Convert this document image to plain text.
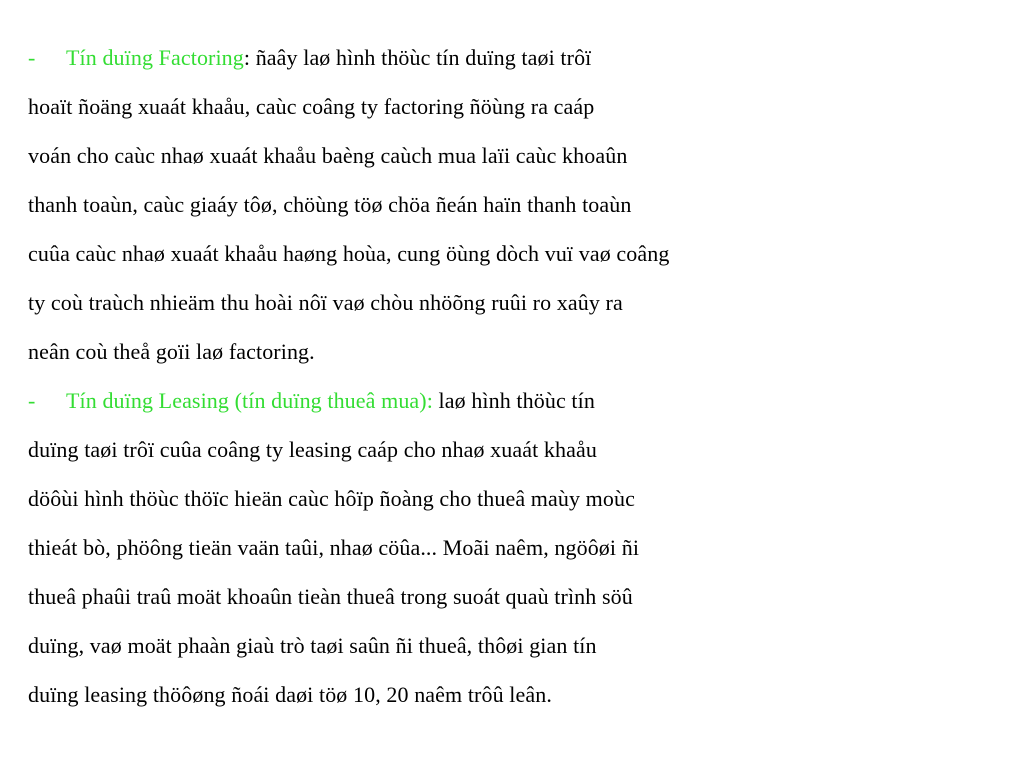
- Tín duïng Factoring: ñaây laø hình thöùc tín duïng taøi trôï
hoaït ñoäng xuaát khaåu, caùc coâng ty factoring ñöùng ra caáp
voán cho caùc nhaø xuaát khaåu baèng caùch mua laïi caùc khoaûn
thanh toaùn, caùc giaáy tôø, chöùng töø chöa ñeán haïn thanh toaùn
cuûa caùc nhaø xuaát khaåu haøng hoùa, cung öùng dòch vuï vaø coâng
ty coù traùch nhieäm thu hoài nôï vaø chòu nhöõng ruûi ro xaûy ra
neân coù theå goïi laø factoring.
- Tín duïng Leasing (tín duïng thueâ mua): laø hình thöùc tín
duïng taøi trôï cuûa coâng ty leasing caáp cho nhaø xuaát khaåu
döôùi hình thöùc thöïc hieän caùc hôïp ñoàng cho thueâ maùy moùc
thieát bò, phöông tieän vaän taûi, nhaø cöûa... Moãi naêm, ngöôøi ñi
thueâ phaûi traû moät khoaûn tieàn thueâ trong suoát quaù trình söû
duïng, vaø moät phaàn giaù trò taøi saûn ñi thueâ, thôøi gian tín
duïng leasing thöôøng ñoái daøi töø 10, 20 naêm trôû leân.
